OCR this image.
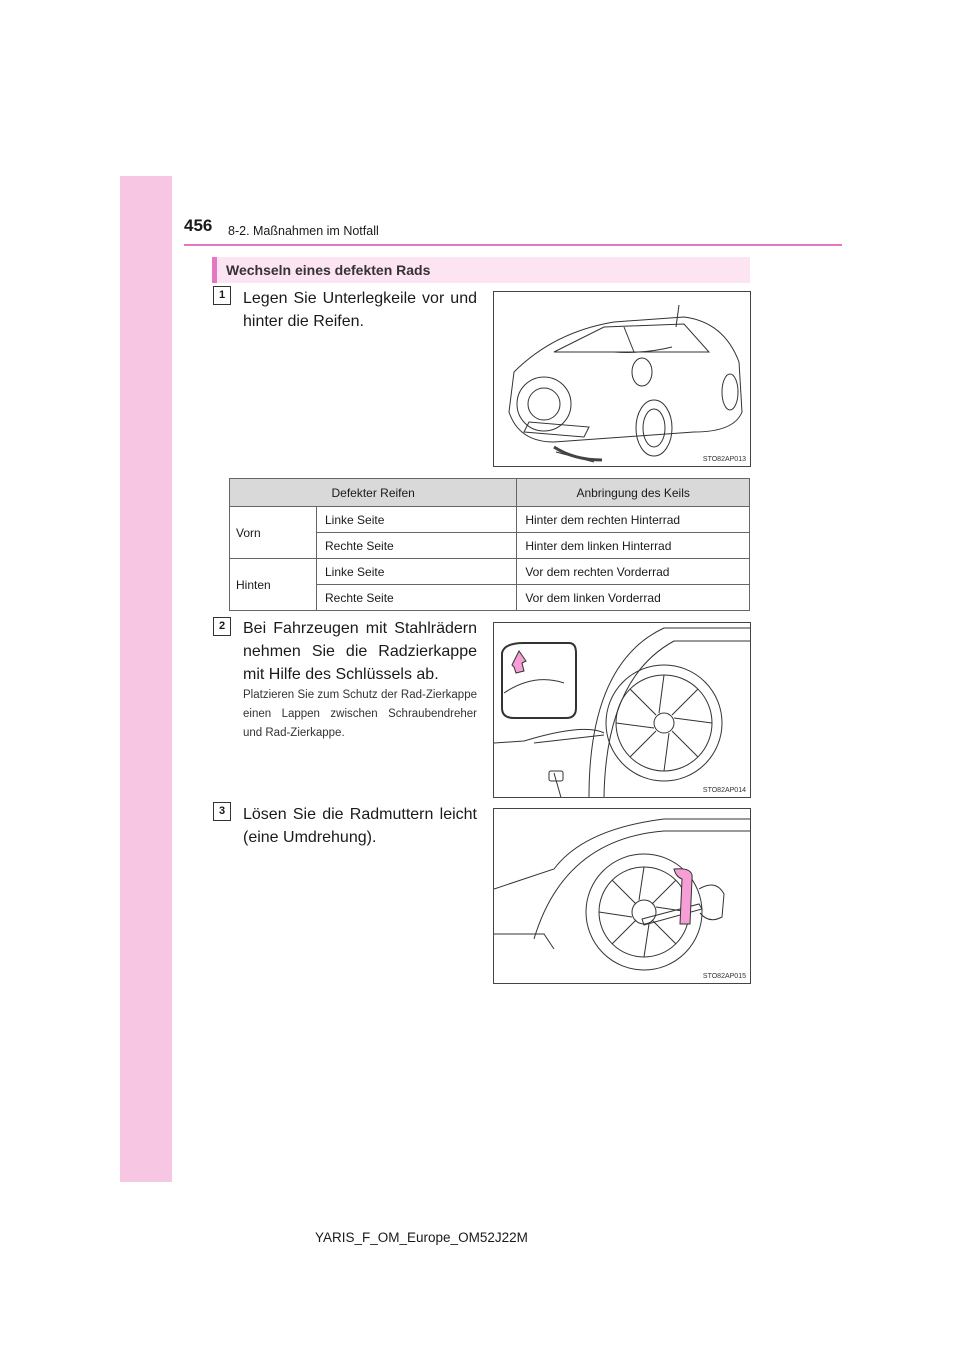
456 8-2. Maßnahmen im Notfall
Wechseln eines defekten Rads
1	Legen Sie Unterlegkeile vor und hinter die Reifen.
STO82AP013
Defekter Reifen		Anbringung des Keils
Vorn	Linke Seite	Hinter dem rechten Hinterrad
	Rechte Seite	Hinter dem linken Hinterrad
Hinten	Linke Seite	Vor dem rechten Vorderrad
	Rechte Seite	Vor dem linken Vorderrad
2	Bei Fahrzeugen mit Stahlrädern nehmen Sie die Radzierkappe mit Hilfe des Schlüssels ab.
Platzieren Sie zum Schutz der Rad-Zierkappe einen Lappen zwischen Schraubendreher und Rad-Zierkappe.
STO82AP014
3	Lösen Sie die Radmuttern leicht (eine Umdrehung).
STO82AP015
YARIS_F_OM_Europe_OM52J22M
